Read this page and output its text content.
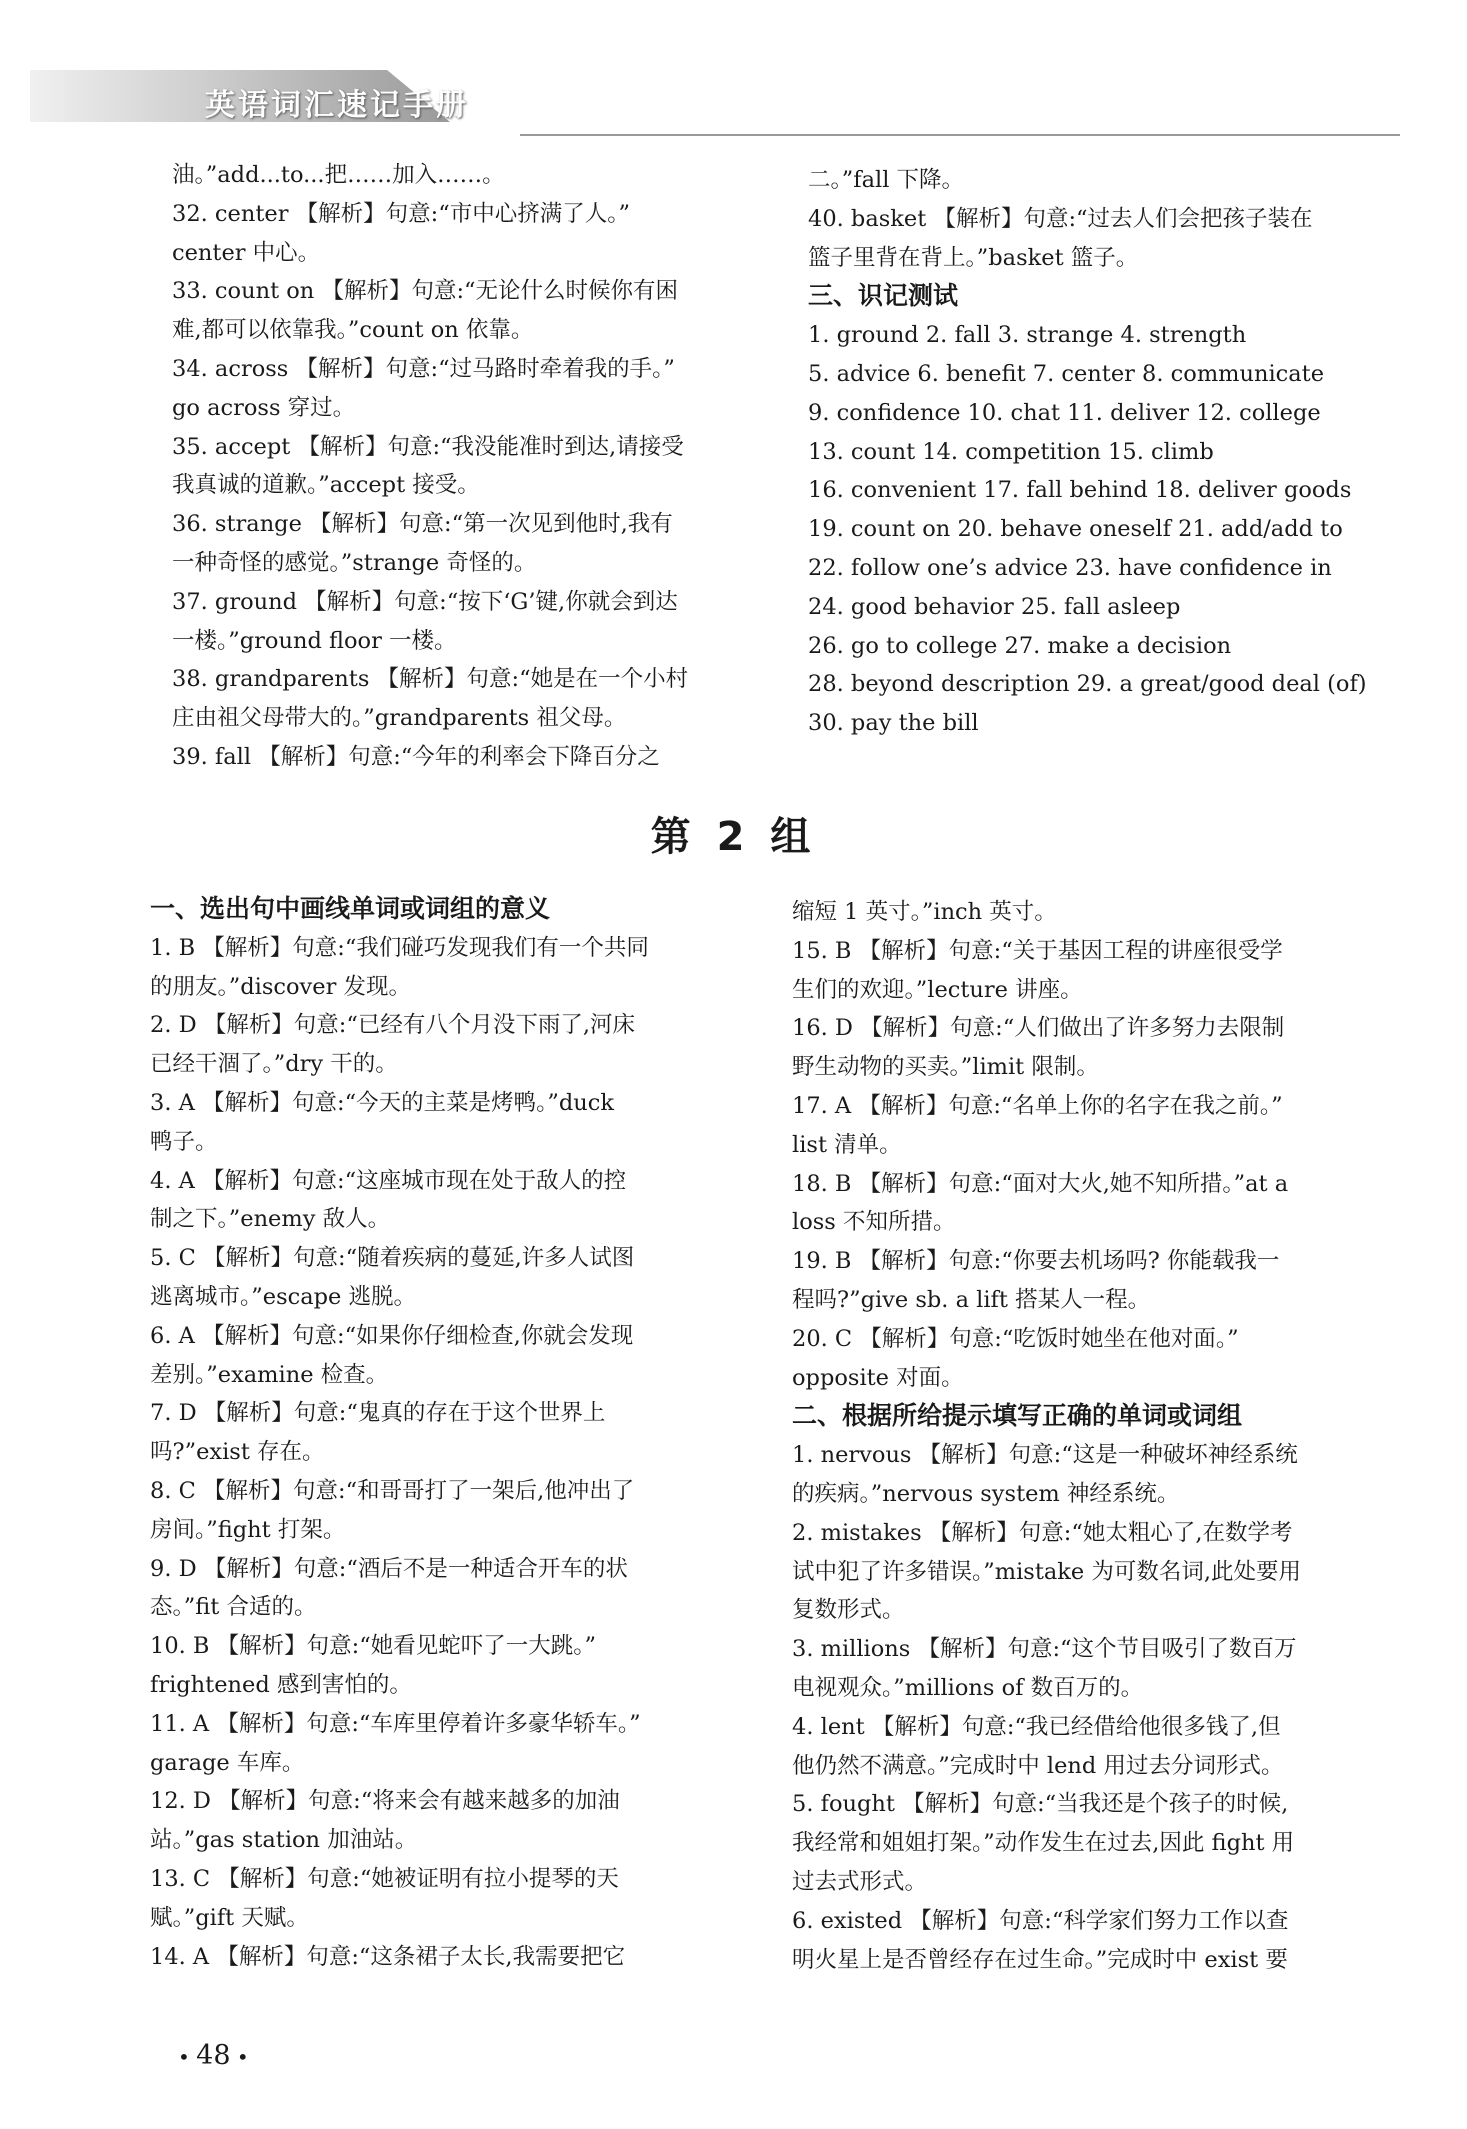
英语词汇速记手册

油。”add...to...把……加入……。

32. center 【解析】句意:“市中心挤满了人。”

center 中心。

33. count on 【解析】句意:“无论什么时候你有困

难,都可以依靠我。”count on 依靠。

34. across 【解析】句意:“过马路时牵着我的手。”

go across 穿过。

35. accept 【解析】句意:“我没能准时到达,请接受

我真诚的道歉。”accept 接受。

36. strange 【解析】句意:“第一次见到他时,我有

一种奇怪的感觉。”strange 奇怪的。

37. ground 【解析】句意:“按下‘G’键,你就会到达

一楼。”ground floor 一楼。

38. grandparents 【解析】句意:“她是在一个小村

庄由祖父母带大的。”grandparents 祖父母。

39. fall 【解析】句意:“今年的利率会下降百分之

二。”fall 下降。

40. basket 【解析】句意:“过去人们会把孩子装在

篮子里背在背上。”basket 篮子。

三、识记测试

1. ground 2. fall 3. strange 4. strength

5. advice 6. benefit 7. center 8. communicate

9. confidence 10. chat 11. deliver 12. college

13. count 14. competition 15. climb

16. convenient 17. fall behind 18. deliver goods

19. count on 20. behave oneself 21. add/add to

22. follow one’s advice 23. have confidence in

24. good behavior 25. fall asleep

26. go to college 27. make a decision

28. beyond description 29. a great/good deal (of)

30. pay the bill

第 2 组

一、选出句中画线单词或词组的意义

1. B 【解析】句意:“我们碰巧发现我们有一个共同

的朋友。”discover 发现。

2. D 【解析】句意:“已经有八个月没下雨了,河床

已经干涸了。”dry 干的。

3. A 【解析】句意:“今天的主菜是烤鸭。”duck

鸭子。

4. A 【解析】句意:“这座城市现在处于敌人的控

制之下。”enemy 敌人。

5. C 【解析】句意:“随着疾病的蔓延,许多人试图

逃离城市。”escape 逃脱。

6. A 【解析】句意:“如果你仔细检查,你就会发现

差别。”examine 检查。

7. D 【解析】句意:“鬼真的存在于这个世界上

吗?”exist 存在。

8. C 【解析】句意:“和哥哥打了一架后,他冲出了

房间。”fight 打架。

9. D 【解析】句意:“酒后不是一种适合开车的状

态。”fit 合适的。

10. B 【解析】句意:“她看见蛇吓了一大跳。”

frightened 感到害怕的。

11. A 【解析】句意:“车库里停着许多豪华轿车。”

garage 车库。

12. D 【解析】句意:“将来会有越来越多的加油

站。”gas station 加油站。

13. C 【解析】句意:“她被证明有拉小提琴的天

赋。”gift 天赋。

14. A 【解析】句意:“这条裙子太长,我需要把它

缩短 1 英寸。”inch 英寸。

15. B 【解析】句意:“关于基因工程的讲座很受学

生们的欢迎。”lecture 讲座。

16. D 【解析】句意:“人们做出了许多努力去限制

野生动物的买卖。”limit 限制。

17. A 【解析】句意:“名单上你的名字在我之前。”

list 清单。

18. B 【解析】句意:“面对大火,她不知所措。”at a

loss 不知所措。

19. B 【解析】句意:“你要去机场吗? 你能载我一

程吗?”give sb. a lift 搭某人一程。

20. C 【解析】句意:“吃饭时她坐在他对面。”

opposite 对面。

二、根据所给提示填写正确的单词或词组

1. nervous 【解析】句意:“这是一种破坏神经系统

的疾病。”nervous system 神经系统。

2. mistakes 【解析】句意:“她太粗心了,在数学考

试中犯了许多错误。”mistake 为可数名词,此处要用

复数形式。

3. millions 【解析】句意:“这个节目吸引了数百万

电视观众。”millions of 数百万的。

4. lent 【解析】句意:“我已经借给他很多钱了,但

他仍然不满意。”完成时中 lend 用过去分词形式。

5. fought 【解析】句意:“当我还是个孩子的时候,

我经常和姐姐打架。”动作发生在过去,因此 fight 用

过去式形式。

6. existed 【解析】句意:“科学家们努力工作以查

明火星上是否曾经存在过生命。”完成时中 exist 要

• 48 •
